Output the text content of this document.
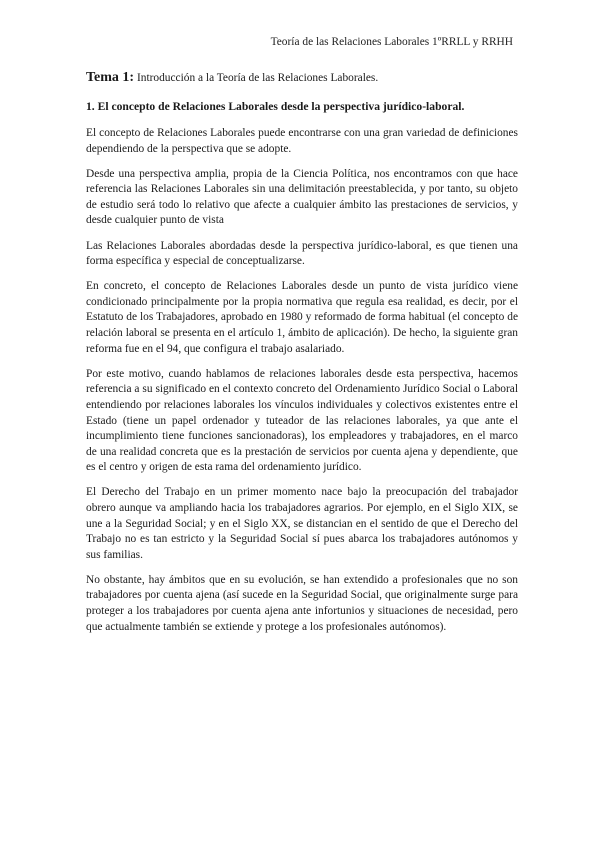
Teoría de las Relaciones Laborales 1ºRRLL y RRHH

Tema 1: Introducción a la Teoría de las Relaciones Laborales.

1. El concepto de Relaciones Laborales desde la perspectiva jurídico-laboral.

El concepto de Relaciones Laborales puede encontrarse con una gran variedad de definiciones dependiendo de la perspectiva que se adopte.

Desde una perspectiva amplia, propia de la Ciencia Política, nos encontramos con que hace referencia las Relaciones Laborales sin una delimitación preestablecida, y por tanto, su objeto de estudio será todo lo relativo que afecte a cualquier ámbito las prestaciones de servicios, y desde cualquier punto de vista

Las Relaciones Laborales abordadas desde la perspectiva jurídico-laboral, es que tienen una forma específica y especial de conceptualizarse.

En concreto, el concepto de Relaciones Laborales desde un punto de vista jurídico viene condicionado principalmente por la propia normativa que regula esa realidad, es decir, por el Estatuto de los Trabajadores, aprobado en 1980 y reformado de forma habitual (el concepto de relación laboral se presenta en el artículo 1, ámbito de aplicación). De hecho, la siguiente gran reforma fue en el 94, que configura el trabajo asalariado.

Por este motivo, cuando hablamos de relaciones laborales desde esta perspectiva, hacemos referencia a su significado en el contexto concreto del Ordenamiento Jurídico Social o Laboral entendiendo por relaciones laborales los vínculos individuales y colectivos existentes entre el Estado (tiene un papel ordenador y tuteador de las relaciones laborales, ya que ante el incumplimiento tiene funciones sancionadoras), los empleadores y trabajadores, en el marco de una realidad concreta que es la prestación de servicios por cuenta ajena y dependiente, que es el centro y origen de esta rama del ordenamiento jurídico.

El Derecho del Trabajo en un primer momento nace bajo la preocupación del trabajador obrero aunque va ampliando hacia los trabajadores agrarios. Por ejemplo, en el Siglo XIX, se une a la Seguridad Social; y en el Siglo XX, se distancian en el sentido de que el Derecho del Trabajo no es tan estricto y la Seguridad Social sí pues abarca los trabajadores autónomos y sus familias.

No obstante, hay ámbitos que en su evolución, se han extendido a profesionales que no son trabajadores por cuenta ajena (así sucede en la Seguridad Social, que originalmente surge para proteger a los trabajadores por cuenta ajena ante infortunios y situaciones de necesidad, pero que actualmente también se extiende y protege a los profesionales autónomos).
